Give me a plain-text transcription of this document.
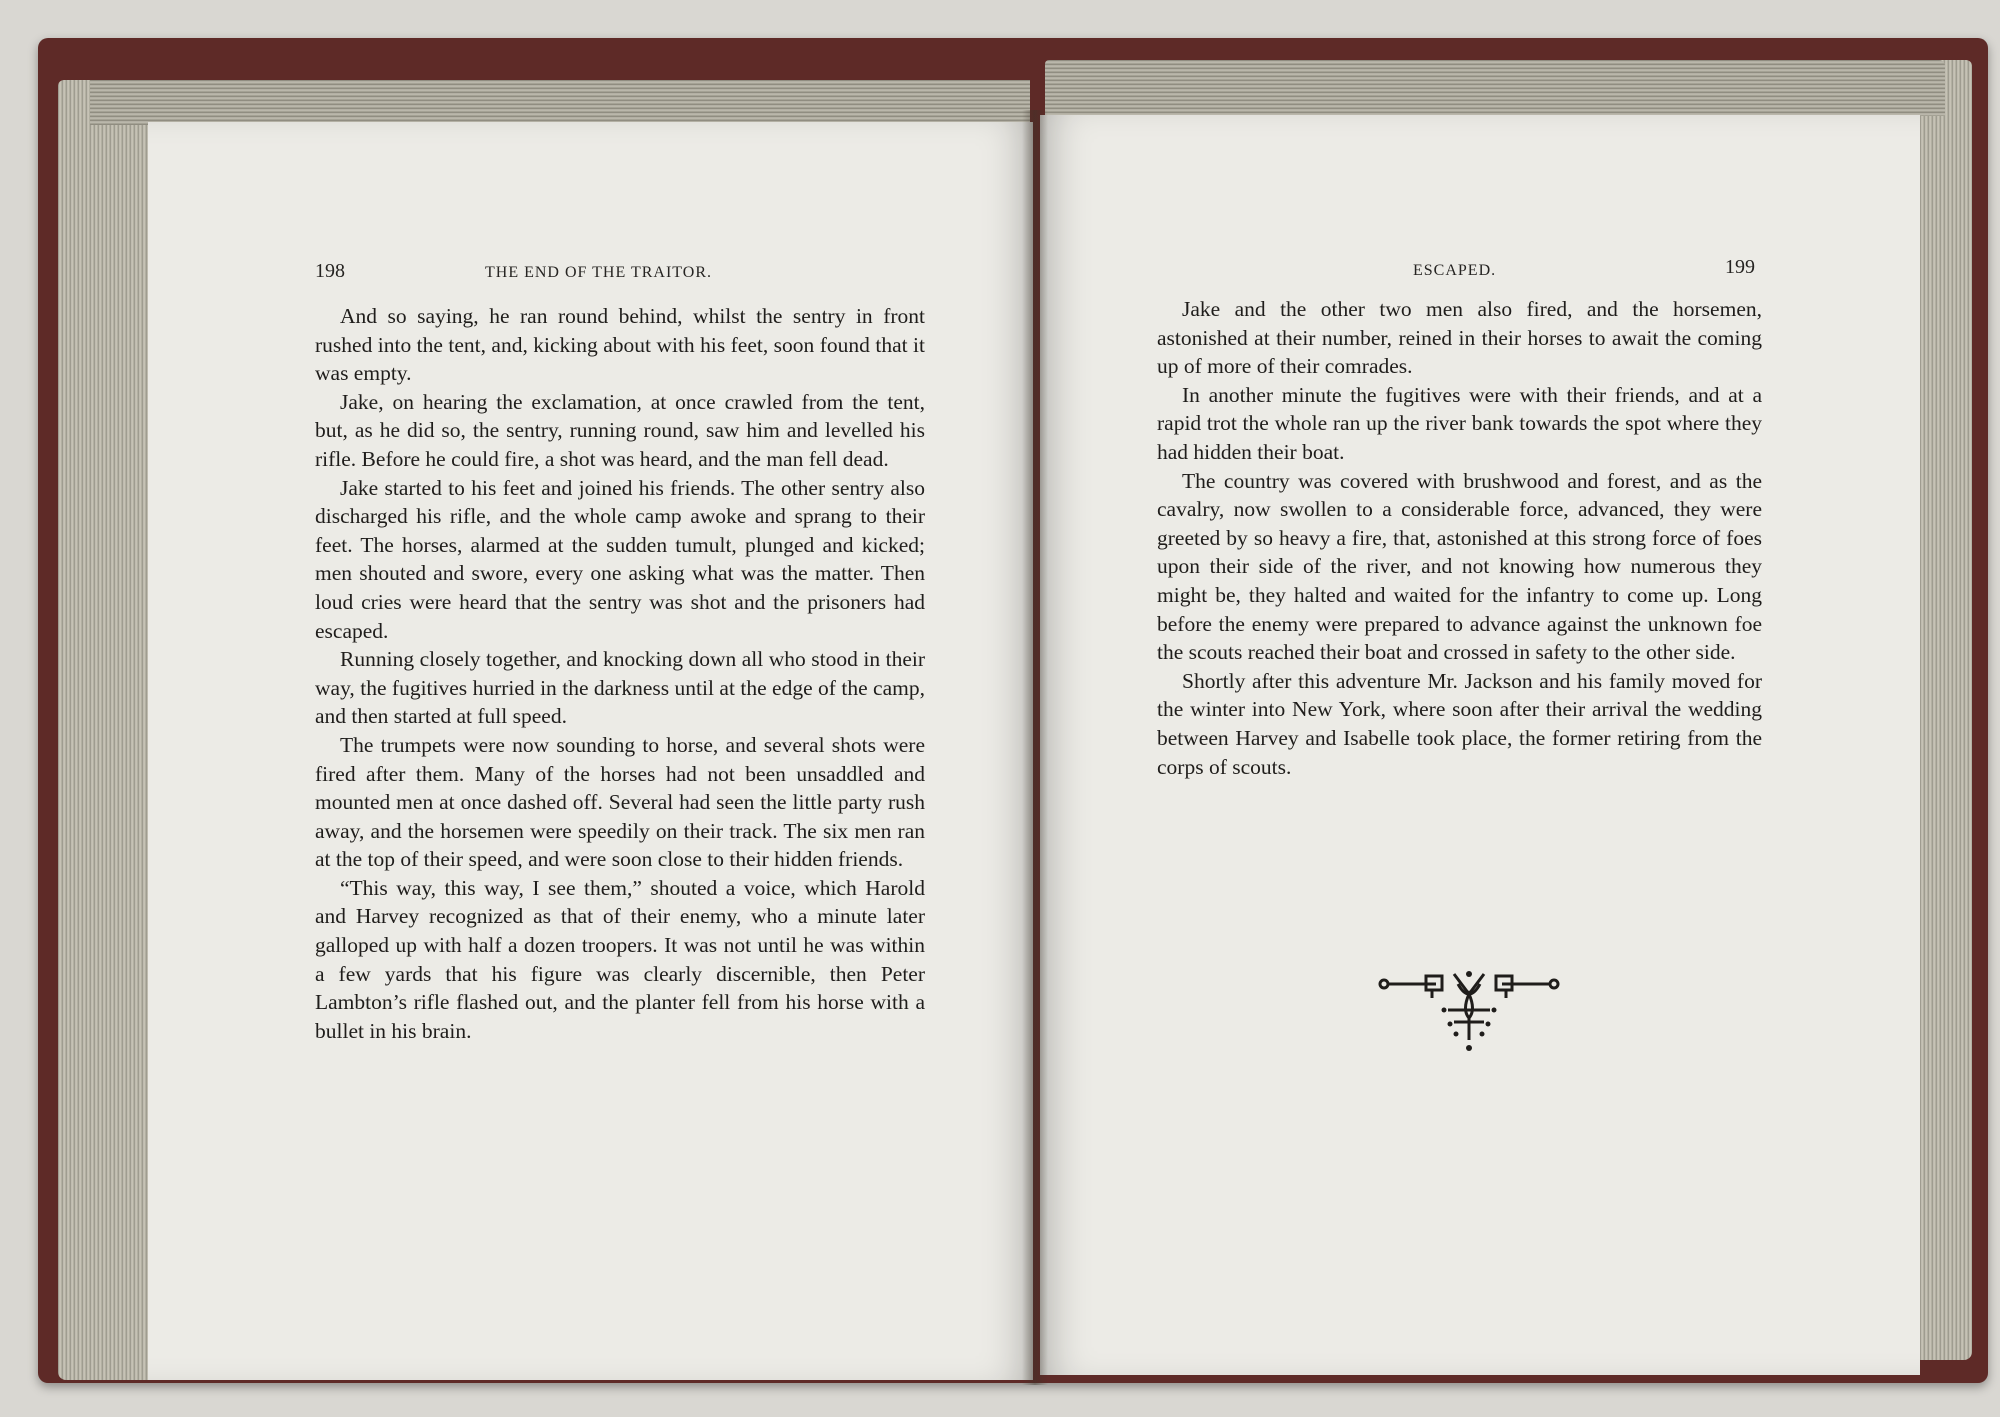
198	THE END OF THE TRAITOR.	ESCAPED.	199

And so saying, he ran round behind, whilst the sentry in front rushed into the tent, and, kicking about with his feet, soon found that it was empty.

Jake, on hearing the exclamation, at once crawled from the tent, but, as he did so, the sentry, running round, saw him and levelled his rifle. Before he could fire, a shot was heard, and the man fell dead.

Jake started to his feet and joined his friends. The other sentry also discharged his rifle, and the whole camp awoke and sprang to their feet. The horses, alarmed at the sudden tumult, plunged and kicked; men shouted and swore, every one asking what was the matter. Then loud cries were heard that the sentry was shot and the prisoners had escaped.

Running closely together, and knocking down all who stood in their way, the fugitives hurried in the darkness until at the edge of the camp, and then started at full speed.

The trumpets were now sounding to horse, and several shots were fired after them. Many of the horses had not been unsaddled and mounted men at once dashed off. Several had seen the little party rush away, and the horsemen were speedily on their track. The six men ran at the top of their speed, and were soon close to their hidden friends.

“This way, this way, I see them,” shouted a voice, which Harold and Harvey recognized as that of their enemy, who a minute later galloped up with half a dozen troopers. It was not until he was within a few yards that his figure was clearly discernible, then Peter Lambton’s rifle flashed out, and the planter fell from his horse with a bullet in his brain.

Jake and the other two men also fired, and the horsemen, astonished at their number, reined in their horses to await the coming up of more of their comrades.

In another minute the fugitives were with their friends, and at a rapid trot the whole ran up the river bank towards the spot where they had hidden their boat.

The country was covered with brushwood and forest, and as the cavalry, now swollen to a considerable force, advanced, they were greeted by so heavy a fire, that, astonished at this strong force of foes upon their side of the river, and not knowing how numerous they might be, they halted and waited for the infantry to come up. Long before the enemy were prepared to advance against the unknown foe the scouts reached their boat and crossed in safety to the other side.

Shortly after this adventure Mr. Jackson and his family moved for the winter into New York, where soon after their arrival the wedding between Harvey and Isabelle took place, the former retiring from the corps of scouts.
